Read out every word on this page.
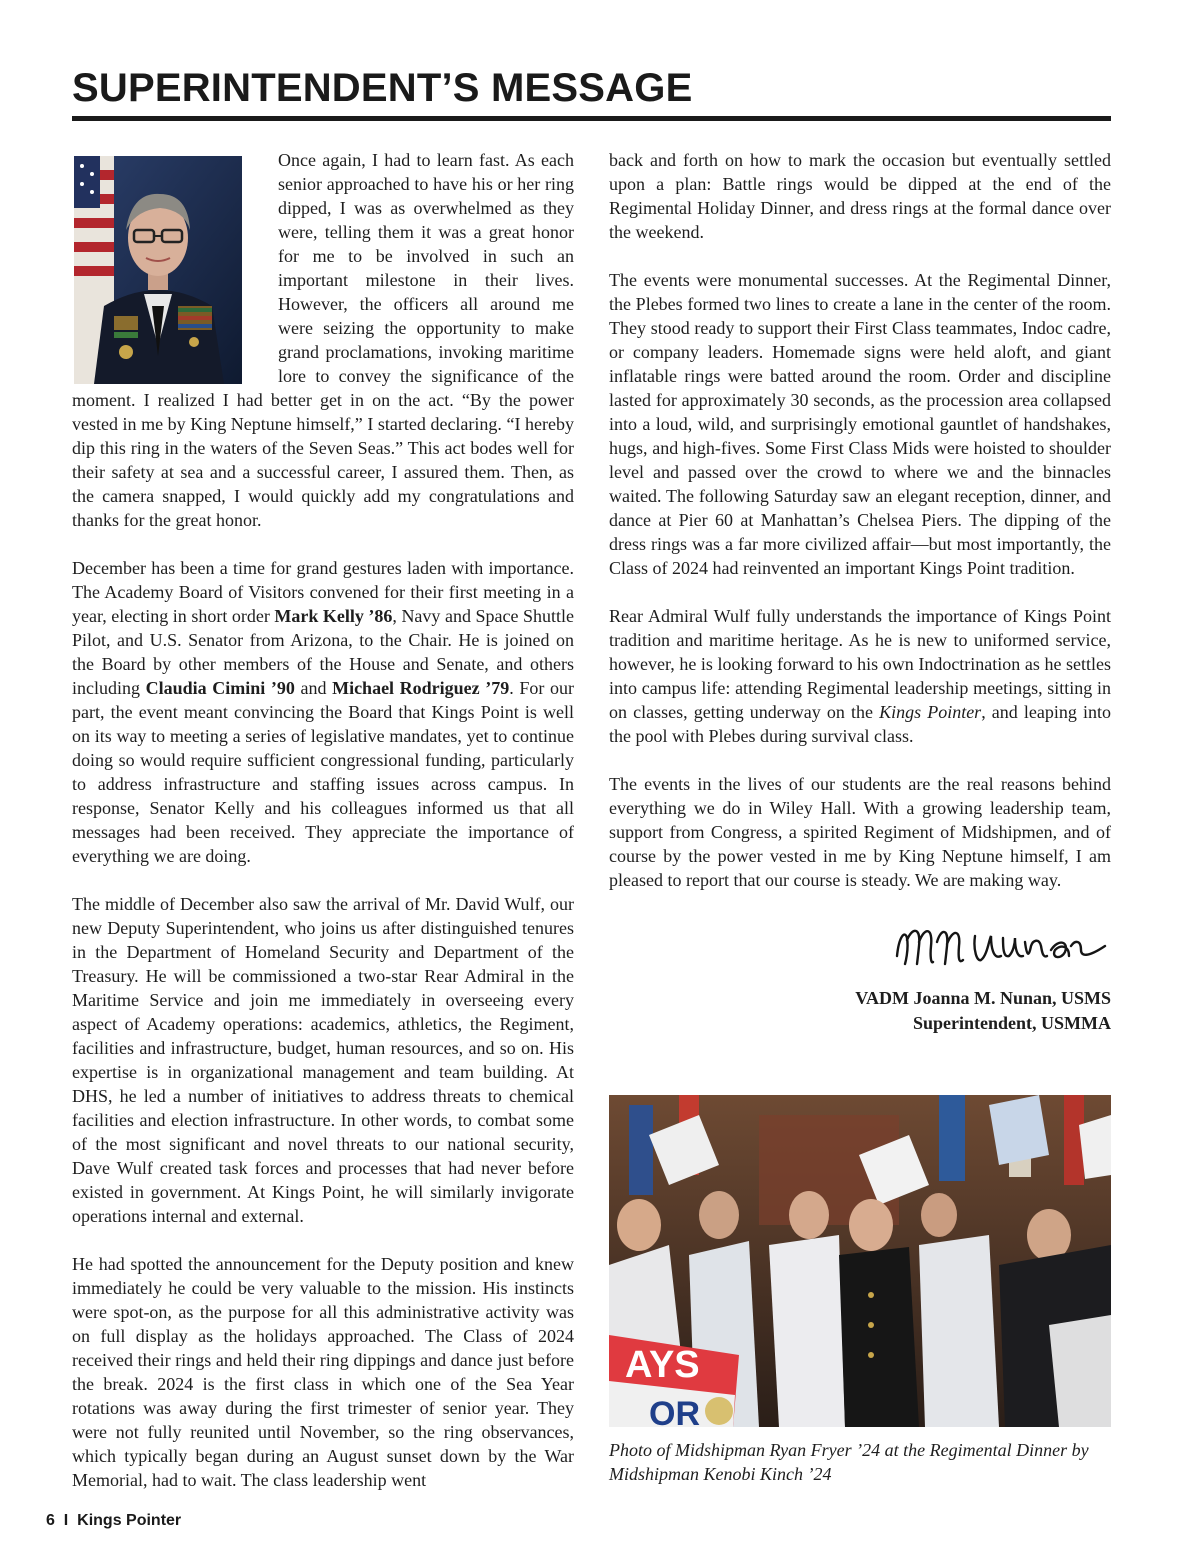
SUPERINTENDENT’S MESSAGE

Once again, I had to learn fast. As each senior approached to have his or her ring dipped, I was as overwhelmed as they were, telling them it was a great honor for me to be involved in such an important milestone in their lives. However, the officers all around me were seizing the opportunity to make grand proclamations, invoking maritime lore to convey the significance of the moment. I realized I had better get in on the act. “By the power vested in me by King Neptune himself,” I started declaring. “I hereby dip this ring in the waters of the Seven Seas.” This act bodes well for their safety at sea and a successful career, I assured them. Then, as the camera snapped, I would quickly add my congratulations and thanks for the great honor.

December has been a time for grand gestures laden with importance. The Academy Board of Visitors convened for their first meeting in a year, electing in short order Mark Kelly ’86, Navy and Space Shuttle Pilot, and U.S. Senator from Arizona, to the Chair. He is joined on the Board by other members of the House and Senate, and others including Claudia Cimini ’90 and Michael Rodriguez ’79. For our part, the event meant convincing the Board that Kings Point is well on its way to meeting a series of legislative mandates, yet to continue doing so would require sufficient congressional funding, particularly to address infrastructure and staffing issues across campus. In response, Senator Kelly and his colleagues informed us that all messages had been received. They appreciate the importance of everything we are doing.

The middle of December also saw the arrival of Mr. David Wulf, our new Deputy Superintendent, who joins us after distinguished tenures in the Department of Homeland Security and Department of the Treasury. He will be commissioned a two-star Rear Admiral in the Maritime Service and join me immediately in overseeing every aspect of Academy operations: academics, athletics, the Regiment, facilities and infrastructure, budget, human resources, and so on. His expertise is in organizational management and team building. At DHS, he led a number of initiatives to address threats to chemical facilities and election infrastructure. In other words, to combat some of the most significant and novel threats to our national security, Dave Wulf created task forces and processes that had never before existed in government. At Kings Point, he will similarly invigorate operations internal and external.

He had spotted the announcement for the Deputy position and knew immediately he could be very valuable to the mission. His instincts were spot-on, as the purpose for all this administrative activity was on full display as the holidays approached. The Class of 2024 received their rings and held their ring dippings and dance just before the break. 2024 is the first class in which one of the Sea Year rotations was away during the first trimester of senior year. They were not fully reunited until November, so the ring observances, which typically began during an August sunset down by the War Memorial, had to wait. The class leadership went

back and forth on how to mark the occasion but eventually settled upon a plan: Battle rings would be dipped at the end of the Regimental Holiday Dinner, and dress rings at the formal dance over the weekend.

The events were monumental successes. At the Regimental Dinner, the Plebes formed two lines to create a lane in the center of the room. They stood ready to support their First Class teammates, Indoc cadre, or company leaders. Homemade signs were held aloft, and giant inflatable rings were batted around the room. Order and discipline lasted for approximately 30 seconds, as the procession area collapsed into a loud, wild, and surprisingly emotional gauntlet of handshakes, hugs, and high-fives. Some First Class Mids were hoisted to shoulder level and passed over the crowd to where we and the binnacles waited. The following Saturday saw an elegant reception, dinner, and dance at Pier 60 at Manhattan’s Chelsea Piers. The dipping of the dress rings was a far more civilized affair—but most importantly, the Class of 2024 had reinvented an important Kings Point tradition.

Rear Admiral Wulf fully understands the importance of Kings Point tradition and maritime heritage. As he is new to uniformed service, however, he is looking forward to his own Indoctrination as he settles into campus life: attending Regimental leadership meetings, sitting in on classes, getting underway on the Kings Pointer, and leaping into the pool with Plebes during survival class.

The events in the lives of our students are the real reasons behind everything we do in Wiley Hall. With a growing leadership team, support from Congress, a spirited Regiment of Midshipmen, and of course by the power vested in me by King Neptune himself, I am pleased to report that our course is steady. We are making way.

VADM Joanna M. Nunan, USMS
Superintendent, USMMA
AYS
OR
Photo of Midshipman Ryan Fryer ’24 at the Regimental Dinner by Midshipman Kenobi Kinch ’24
6 I Kings Pointer
